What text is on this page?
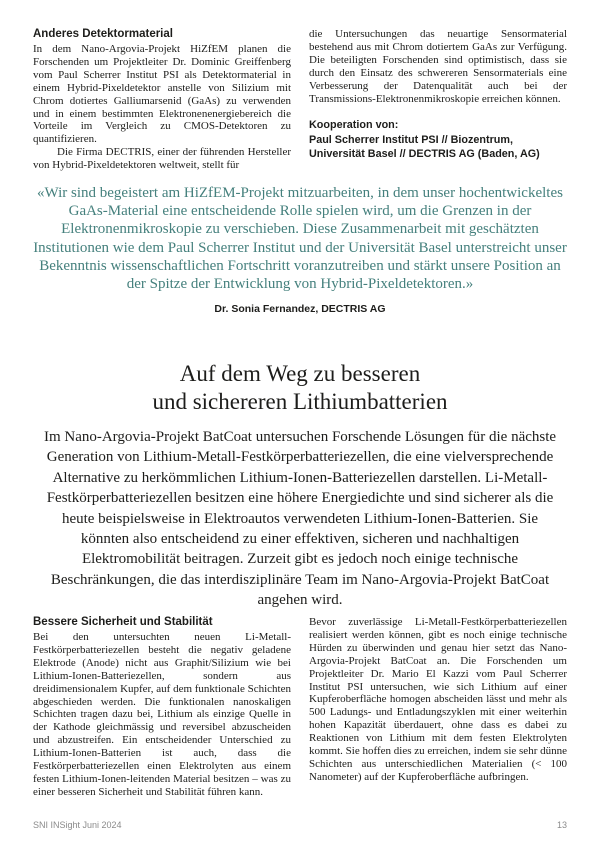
Anderes Detektormaterial

In dem Nano-Argovia-Projekt HiZfEM planen die Forschenden um Projektleiter Dr. Dominic Greiffenberg vom Paul Scherrer Institut PSI als Detektormaterial in einem Hybrid-Pixeldetektor anstelle von Silizium mit Chrom dotiertes Galliumarsenid (GaAs) zu verwenden und in einem bestimmten Elektronenenergiebereich die Vorteile im Vergleich zu CMOS-Detektoren zu quantifizieren.

Die Firma DECTRIS, einer der führenden Hersteller von Hybrid-Pixeldetektoren weltweit, stellt für

die Untersuchungen das neuartige Sensormaterial bestehend aus mit Chrom dotiertem GaAs zur Verfügung. Die beteiligten Forschenden sind optimistisch, dass sie durch den Einsatz des schwereren Sensormaterials eine Verbesserung der Datenqualität auch bei der Transmissions-Elektronenmikroskopie erreichen können.

Kooperation von:
Paul Scherrer Institut PSI // Biozentrum, Universität Basel // DECTRIS AG (Baden, AG)
«Wir sind begeistert am HiZfEM-Projekt mitzuarbeiten, in dem unser hochentwickeltes GaAs-Material eine entscheidende Rolle spielen wird, um die Grenzen in der Elektronenmikroskopie zu verschieben. Diese Zusammenarbeit mit geschätzten Institutionen wie dem Paul Scherrer Institut und der Universität Basel unterstreicht unser Bekenntnis wissenschaftlichen Fortschritt voranzutreiben und stärkt unsere Position an der Spitze der Entwicklung von Hybrid-Pixeldetektoren.»
Dr. Sonia Fernandez, DECTRIS AG
Auf dem Weg zu besseren
und sichereren Lithiumbatterien

Im Nano-Argovia-Projekt BatCoat untersuchen Forschende Lösungen für die nächste Generation von Lithium-Metall-Festkörperbatteriezellen, die eine vielversprechende Alternative zu herkömmlichen Lithium-Ionen-Batteriezellen darstellen. Li-Metall-Festkörperbatteriezellen besitzen eine höhere Energiedichte und sind sicherer als die heute beispielsweise in Elektroautos verwendeten Lithium-Ionen-Batterien. Sie könnten also entscheidend zu einer effektiven, sicheren und nachhaltigen Elektromobilität beitragen. Zurzeit gibt es jedoch noch einige technische Beschränkungen, die das interdisziplinäre Team im Nano-Argovia-Projekt BatCoat angehen wird.

Bessere Sicherheit und Stabilität

Bei den untersuchten neuen Li-Metall-Festkörperbatteriezellen besteht die negativ geladene Elektrode (Anode) nicht aus Graphit/Silizium wie bei Lithium-Ionen-Batteriezellen, sondern aus dreidimensionalem Kupfer, auf dem funktionale Schichten abgeschieden werden. Die funktionalen nanoskaligen Schichten tragen dazu bei, Lithium als einzige Quelle in der Kathode gleichmässig und reversibel abzuscheiden und abzustreifen. Ein entscheidender Unterschied zu Lithium-Ionen-Batterien ist auch, dass die Festkörperbatteriezellen einen Elektrolyten aus einem festen Lithium-Ionen-leitenden Material besitzen – was zu einer besseren Sicherheit und Stabilität führen kann.

Bevor zuverlässige Li-Metall-Festkörperbatteriezellen realisiert werden können, gibt es noch einige technische Hürden zu überwinden und genau hier setzt das Nano-Argovia-Projekt BatCoat an. Die Forschenden um Projektleiter Dr. Mario El Kazzi vom Paul Scherrer Institut PSI untersuchen, wie sich Lithium auf einer Kupferoberfläche homogen abscheiden lässt und mehr als 500 Ladungs- und Entladungszyklen mit einer weiterhin hohen Kapazität überdauert, ohne dass es dabei zu Reaktionen von Lithium mit dem festen Elektrolyten kommt. Sie hoffen dies zu erreichen, indem sie sehr dünne Schichten aus unterschiedlichen Materialien (< 100 Nanometer) auf der Kupferoberfläche aufbringen.

SNI INSight Juni 2024	13
